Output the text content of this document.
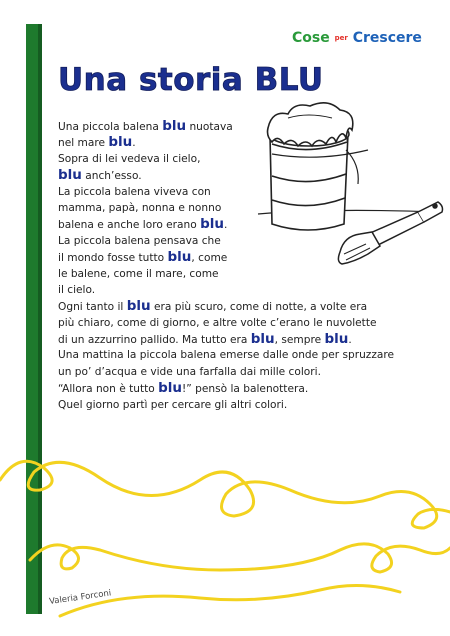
Cose per Crescere
Una storia BLU
Una piccola balena blu nuotava
nel mare blu.
Sopra di lei vedeva il cielo,
blu anch’esso.
La piccola balena viveva con
mamma, papà, nonna e nonno
balena e anche loro erano blu.
La piccola balena pensava che
il mondo fosse tutto blu, come
le balene, come il mare, come
il cielo.
Ogni tanto il blu era più scuro, come di notte, a volte era
più chiaro, come di giorno, e altre volte c’erano le nuvolette
di un azzurrino pallido. Ma tutto era blu, sempre blu.
Una mattina la piccola balena emerse dalle onde per spruzzare
un po’ d’acqua e vide una farfalla dai mille colori.
“Allora non è tutto blu!” pensò la balenottera.
Quel giorno partì per cercare gli altri colori.
Valeria Forconi
